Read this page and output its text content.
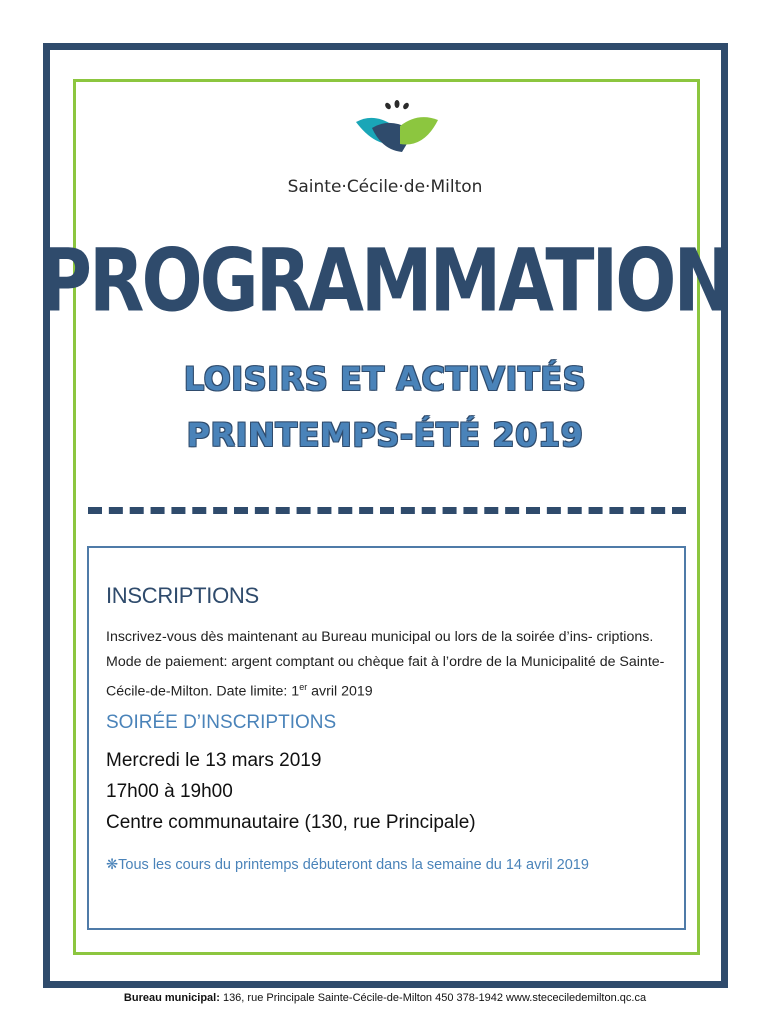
Sainte·Cécile·de·Milton
PROGRAMMATION
LOISIRS ET ACTIVITÉS
PRINTEMPS-ÉTÉ 2019
INSCRIPTIONS
Inscrivez-vous dès maintenant au Bureau municipal ou lors de la soirée d’ins- criptions. Mode de paiement: argent comptant ou chèque fait à l’ordre de la Municipalité de Sainte-Cécile-de-Milton. Date limite: 1er avril 2019
SOIRÉE D’INSCRIPTIONS
Mercredi le 13 mars 2019
17h00 à 19h00
Centre communautaire (130, rue Principale)
❋Tous les cours du printemps débuteront dans la semaine du 14 avril 2019
Bureau municipal: 136, rue Principale Sainte-Cécile-de-Milton 450 378-1942 www.stececiledemilton.qc.ca
